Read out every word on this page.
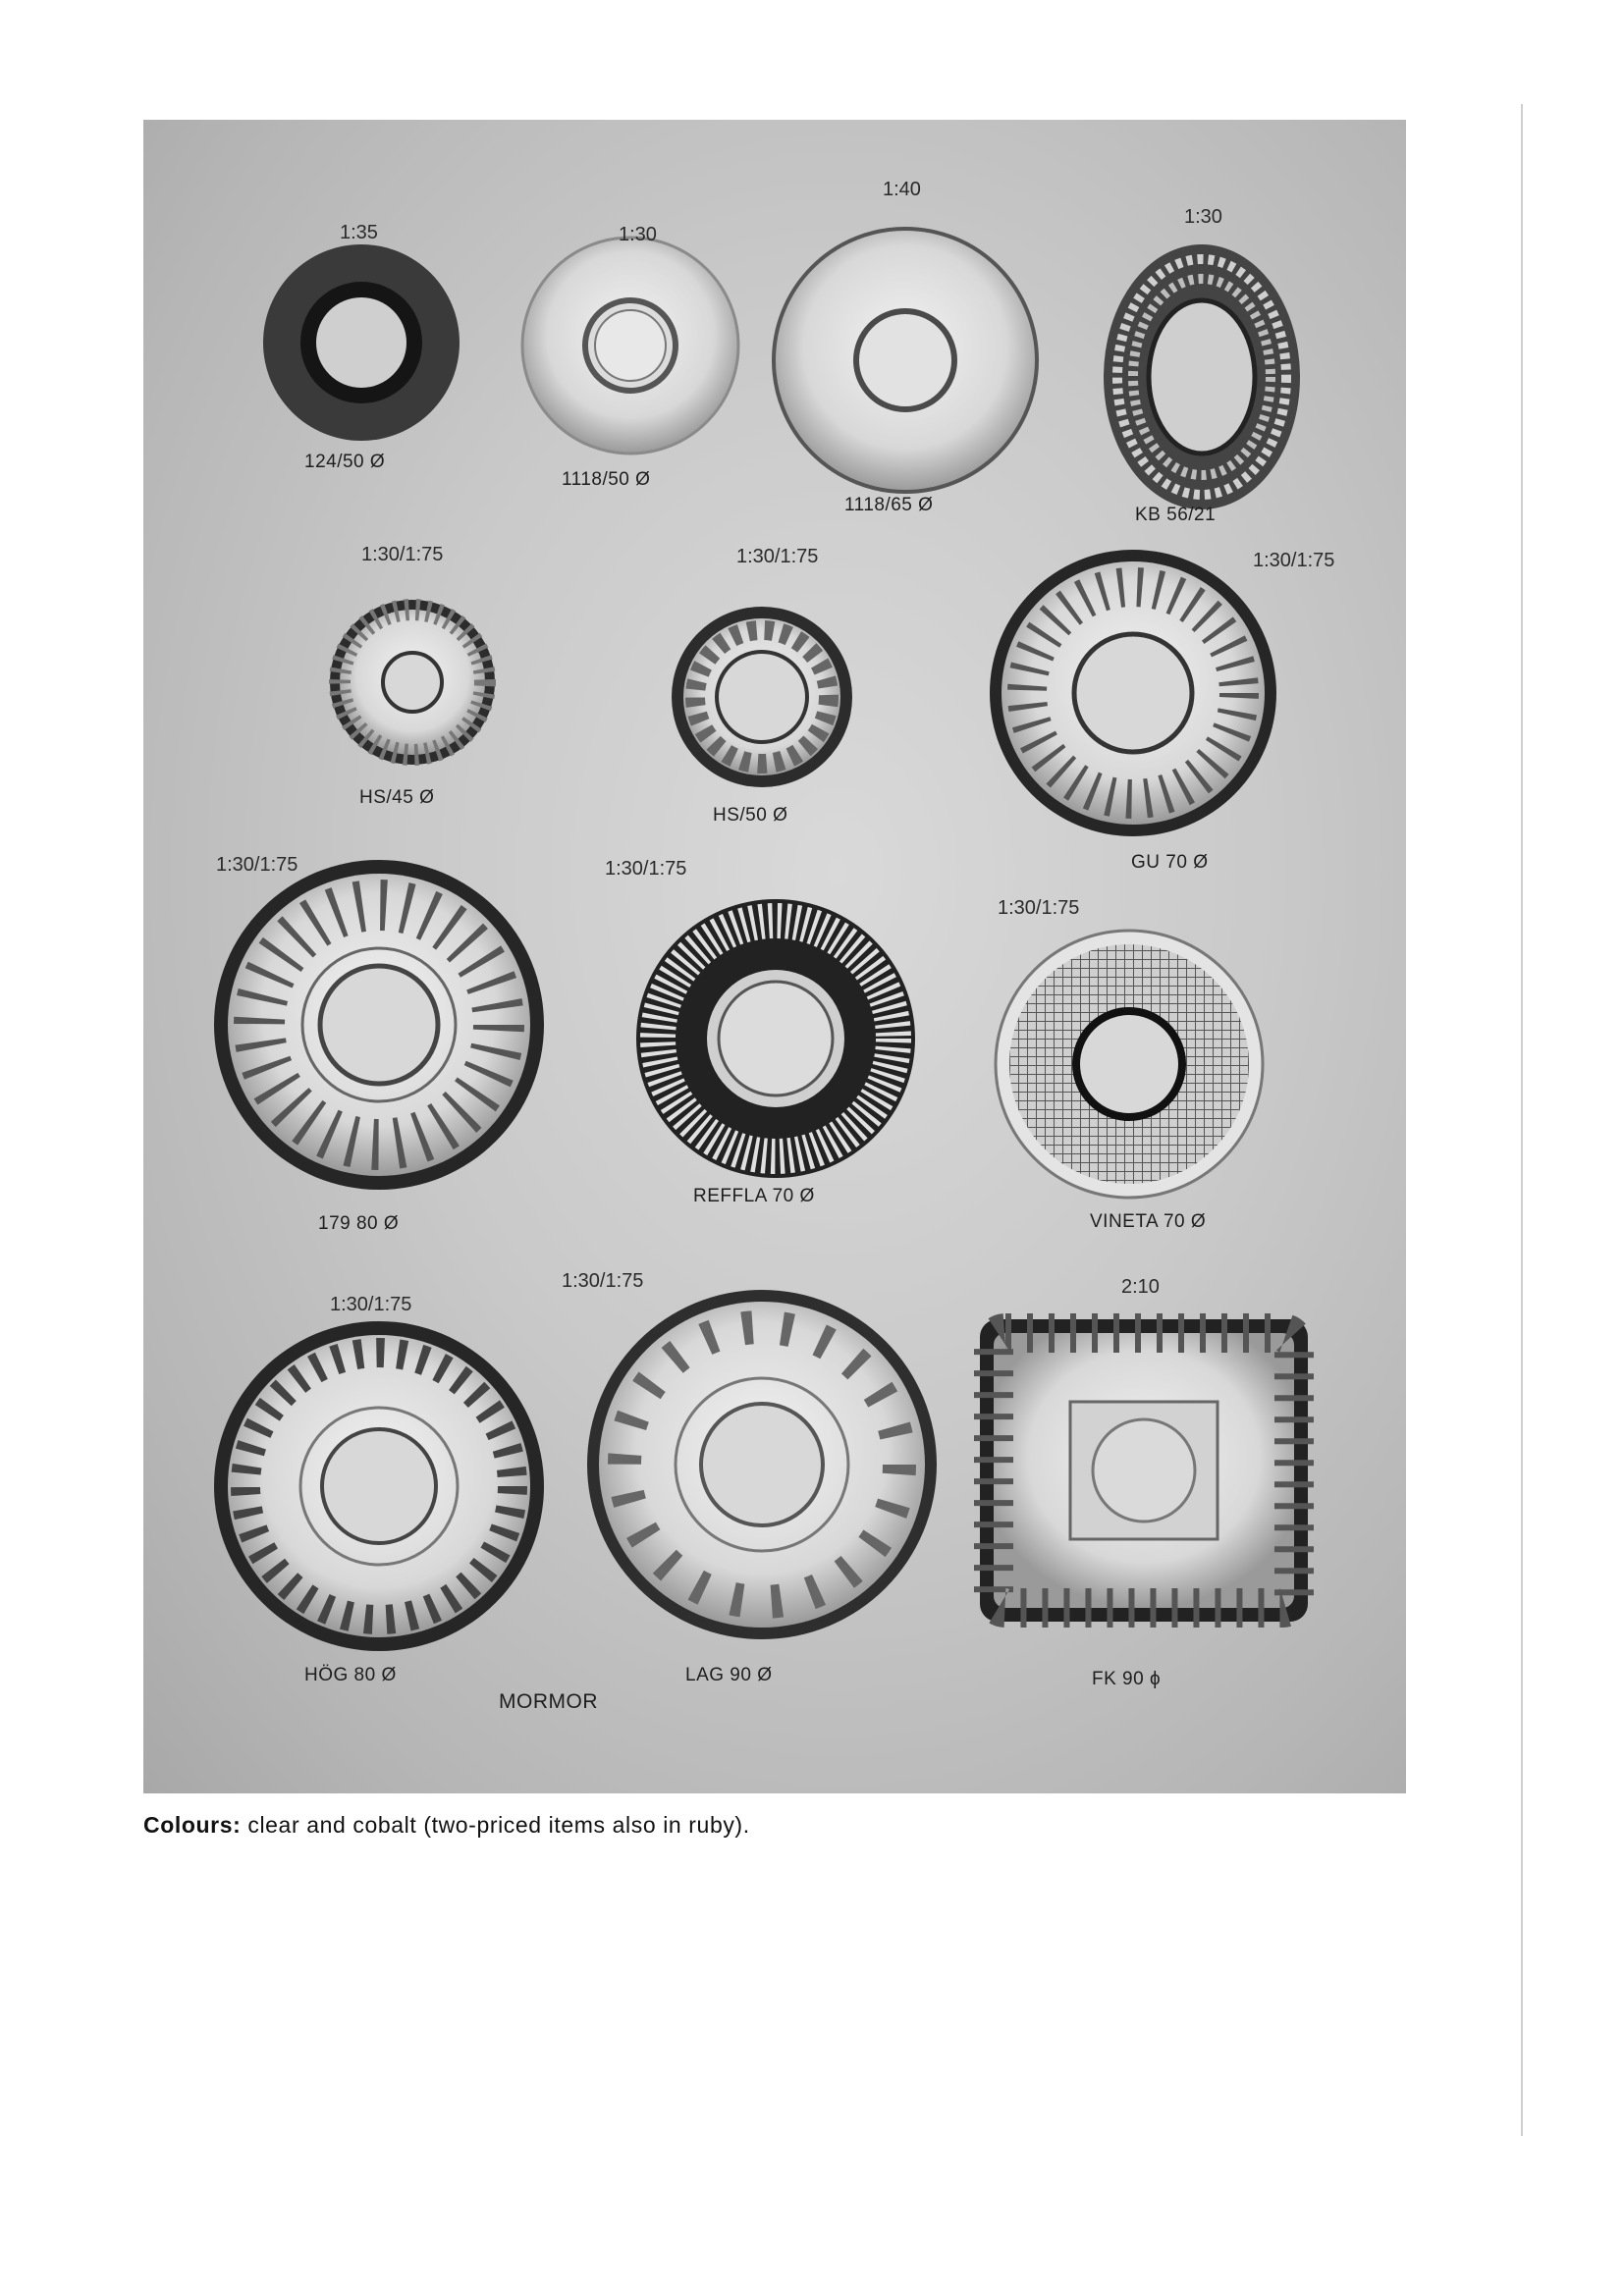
1:35
124/50 Ø
1:30
1118/50 Ø
1:40
1118/65 Ø
1:30
KB 56/21
1:30/1:75
HS/45 Ø
1:30/1:75
HS/50 Ø
1:30/1:75
GU 70 Ø
1:30/1:75
179 80 Ø
1:30/1:75
REFFLA 70 Ø
1:30/1:75
VINETA 70 Ø
1:30/1:75
HÖG 80 Ø
1:30/1:75
LAG 90 Ø
2:10
FK 90 ϕ
MORMOR
Colours: clear and cobalt (two-priced items also in ruby).
